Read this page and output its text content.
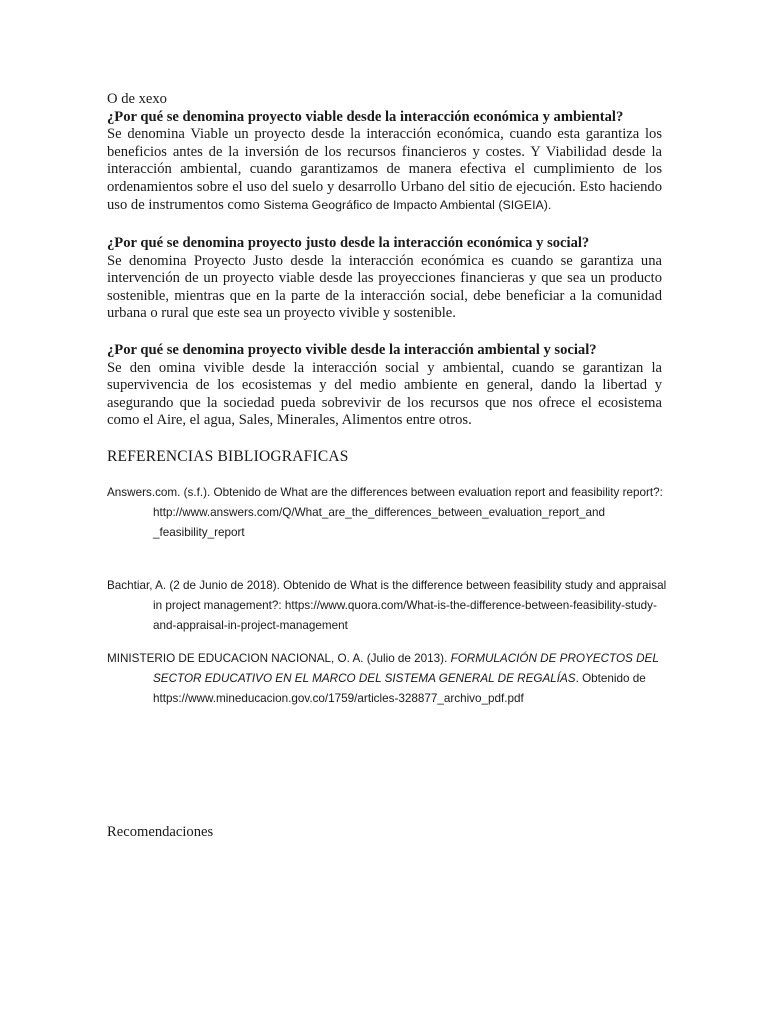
O de xexo

¿Por qué se denomina proyecto viable desde la interacción económica y ambiental?

Se denomina Viable un proyecto desde la interacción económica, cuando esta garantiza los beneficios antes de la inversión de los recursos financieros y costes. Y Viabilidad desde la interacción ambiental, cuando garantizamos de manera efectiva el cumplimiento de los ordenamientos sobre el uso del suelo y desarrollo Urbano del sitio de ejecución. Esto haciendo uso de instrumentos como Sistema Geográfico de Impacto Ambiental (SIGEIA).

¿Por qué se denomina proyecto justo desde la interacción económica y social?

Se denomina Proyecto Justo desde la interacción económica es cuando se garantiza una intervención de un proyecto viable desde las proyecciones financieras y que sea un producto sostenible, mientras que en la parte de la interacción social, debe beneficiar a la comunidad urbana o rural que este sea un proyecto vivible y sostenible.

¿Por qué se denomina proyecto vivible desde la interacción ambiental y social?

Se den omina vivible desde la interacción social y ambiental, cuando se garantizan la supervivencia de los ecosistemas y del medio ambiente en general, dando la libertad y asegurando que la sociedad pueda sobrevivir de los recursos que nos ofrece el ecosistema como el Aire, el agua, Sales, Minerales, Alimentos entre otros.

REFERENCIAS BIBLIOGRAFICAS
Answers.com. (s.f.). Obtenido de What are the differences between evaluation report and feasibility report?: http://www.answers.com/Q/What_are_the_differences_between_evaluation_report_and _feasibility_report
Bachtiar, A. (2 de Junio de 2018). Obtenido de What is the difference between feasibility study and appraisal in project management?: https://www.quora.com/What-is-the-difference-between-feasibility-study-and-appraisal-in-project-management
MINISTERIO DE EDUCACION NACIONAL, O. A. (Julio de 2013). FORMULACIÓN DE PROYECTOS DEL SECTOR EDUCATIVO EN EL MARCO DEL SISTEMA GENERAL DE REGALÍAS. Obtenido de https://www.mineducacion.gov.co/1759/articles-328877_archivo_pdf.pdf
Recomendaciones
